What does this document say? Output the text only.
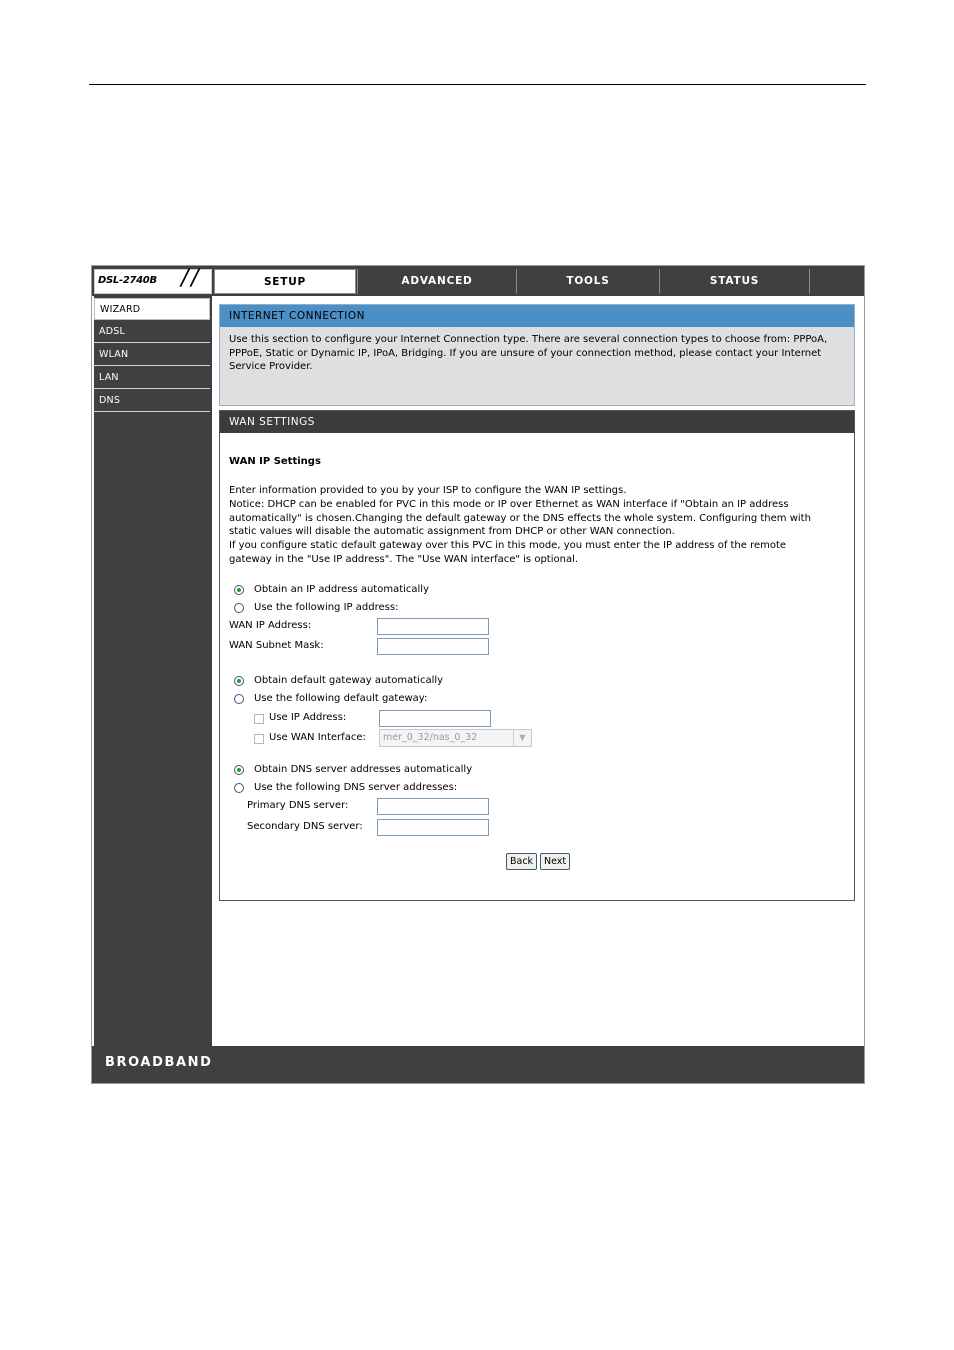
DSL-2740B / /	SETUP	ADVANCED	TOOLS	STATUS
WIZARD
ADSL
WLAN
LAN
DNS
INTERNET CONNECTION
Use this section to configure your Internet Connection type. There are several connection types to choose from: PPPoA, PPPoE, Static or Dynamic IP, IPoA, Bridging. If you are unsure of your connection method, please contact your Internet Service Provider.
WAN SETTINGS
WAN IP Settings
Enter information provided to you by your ISP to configure the WAN IP settings.
Notice: DHCP can be enabled for PVC in this mode or IP over Ethernet as WAN interface if "Obtain an IP address automatically" is chosen.Changing the default gateway or the DNS effects the whole system. Configuring them with static values will disable the automatic assignment from DHCP or other WAN connection.
If you configure static default gateway over this PVC in this mode, you must enter the IP address of the remote gateway in the "Use IP address". The "Use WAN interface" is optional.
Obtain an IP address automatically
Use the following IP address:
WAN IP Address:
WAN Subnet Mask:
Obtain default gateway automatically
Use the following default gateway:
Use IP Address:
Use WAN Interface:	mer_0_32/nas_0_32	▼
Obtain DNS server addresses automatically
Use the following DNS server addresses:
Primary DNS server:
Secondary DNS server:
Back	Next
BROADBAND
